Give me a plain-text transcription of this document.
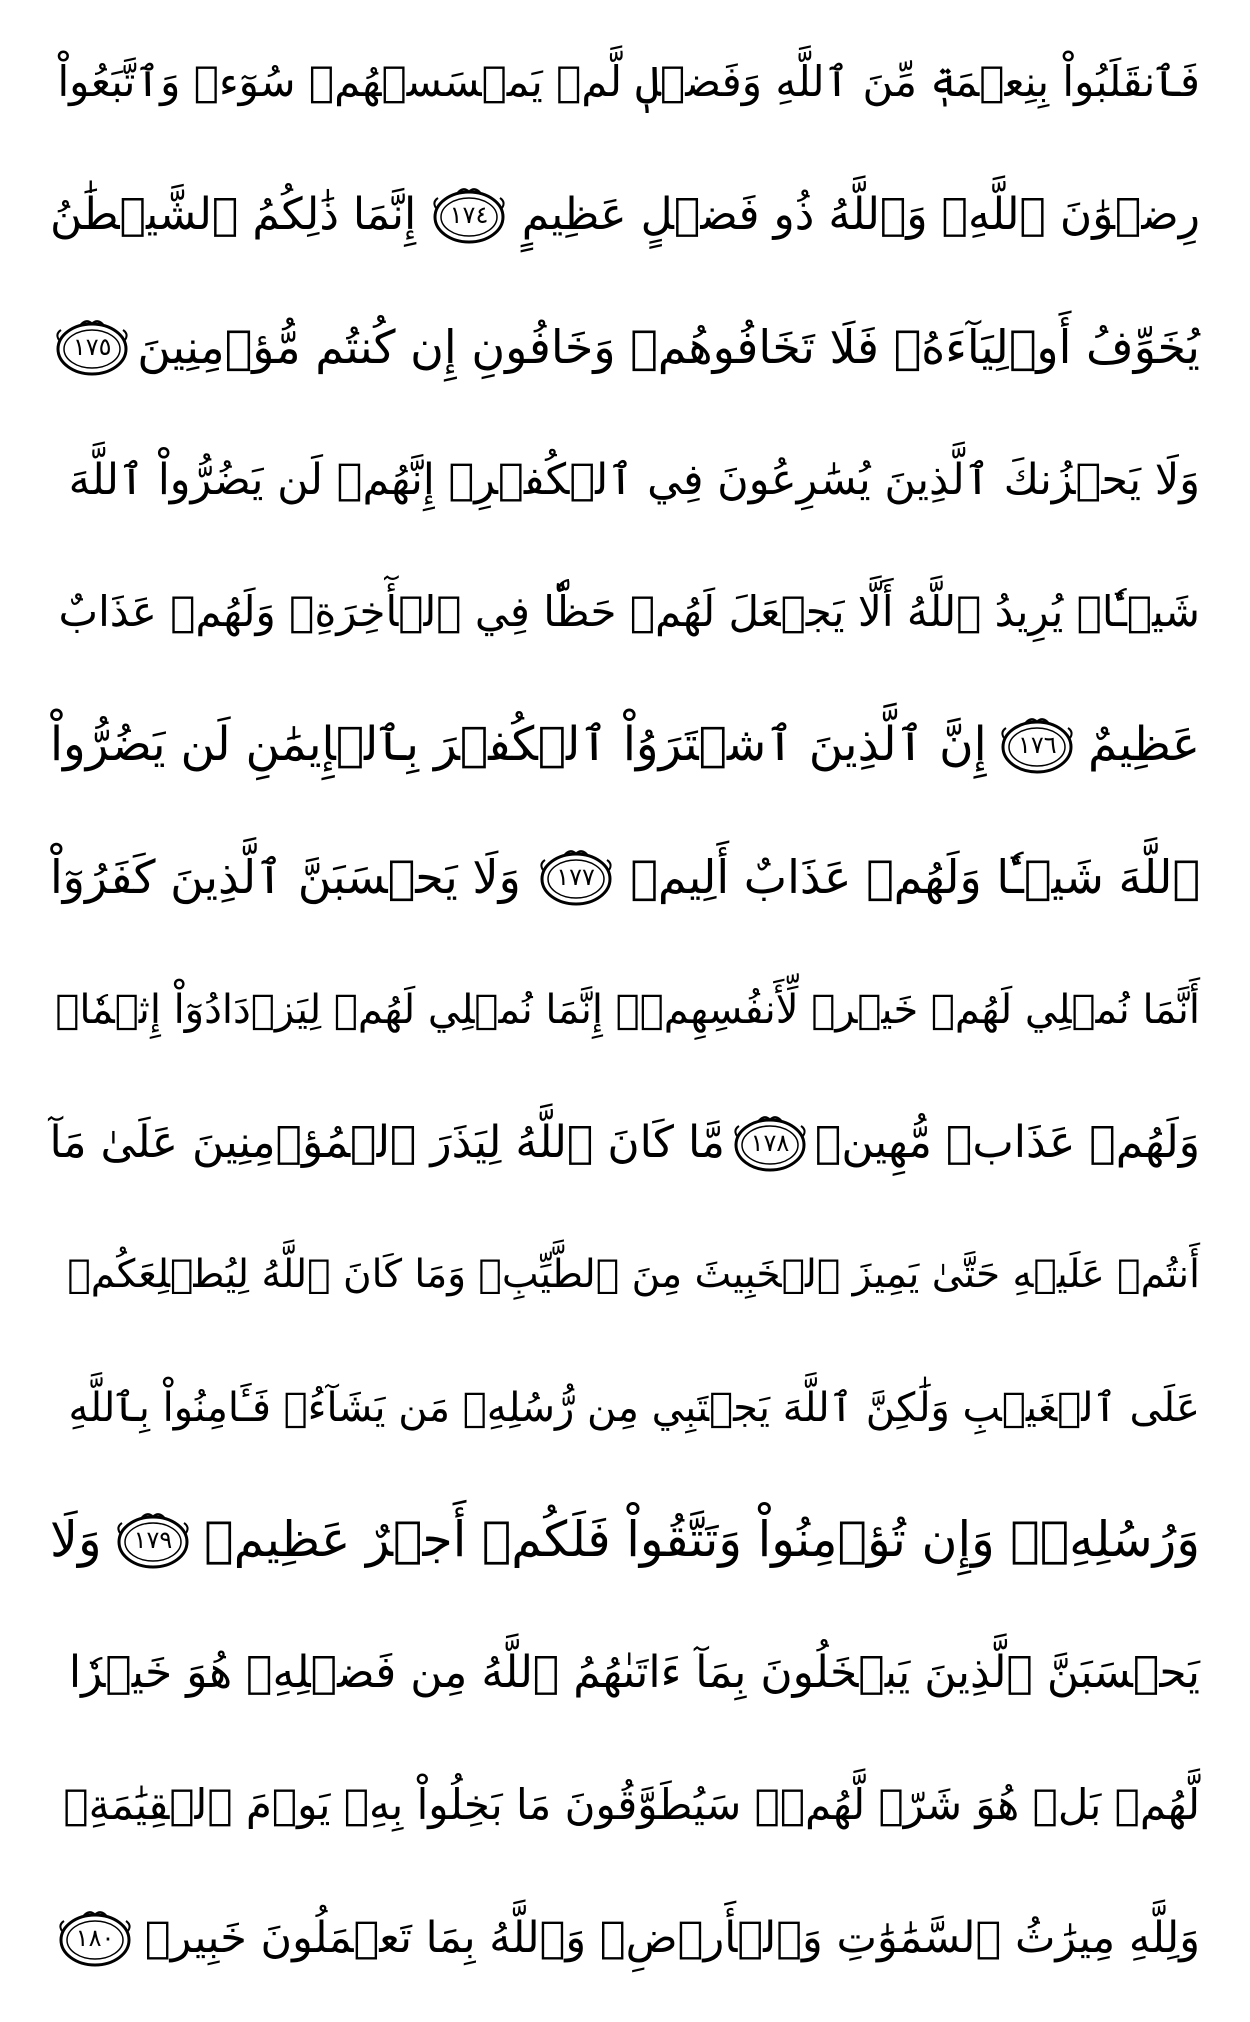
فَٱنقَلَبُواْ بِنِعۡمَةٖ مِّنَ ٱللَّهِ وَفَضۡلٖ لَّمۡ يَمۡسَسۡهُمۡ سُوٓءٞ وَٱتَّبَعُواْ
رِضۡوَٰنَ ٱللَّهِۗ وَٱللَّهُ ذُو فَضۡلٍ عَظِيمٍ
١٧٤
إِنَّمَا ذَٰلِكُمُ ٱلشَّيۡطَٰنُ
يُخَوِّفُ أَوۡلِيَآءَهُۥ فَلَا تَخَافُوهُمۡ وَخَافُونِ إِن كُنتُم مُّؤۡمِنِينَ
١٧٥
وَلَا يَحۡزُنكَ ٱلَّذِينَ يُسَٰرِعُونَ فِي ٱلۡكُفۡرِۚ إِنَّهُمۡ لَن يَضُرُّواْ ٱللَّهَ
شَيۡـٔٗاۗ يُرِيدُ ٱللَّهُ أَلَّا يَجۡعَلَ لَهُمۡ حَظّٗا فِي ٱلۡأٓخِرَةِۖ وَلَهُمۡ عَذَابٌ
عَظِيمٌ
١٧٦
إِنَّ ٱلَّذِينَ ٱشۡتَرَوُاْ ٱلۡكُفۡرَ بِٱلۡإِيمَٰنِ لَن يَضُرُّواْ
ٱللَّهَ شَيۡـٔٗا وَلَهُمۡ عَذَابٌ أَلِيمٞ
١٧٧
وَلَا يَحۡسَبَنَّ ٱلَّذِينَ كَفَرُوٓاْ
أَنَّمَا نُمۡلِي لَهُمۡ خَيۡرٞ لِّأَنفُسِهِمۡۚ إِنَّمَا نُمۡلِي لَهُمۡ لِيَزۡدَادُوٓاْ إِثۡمٗاۖ
وَلَهُمۡ عَذَابٞ مُّهِينٞ
١٧٨
مَّا كَانَ ٱللَّهُ لِيَذَرَ ٱلۡمُؤۡمِنِينَ عَلَىٰ مَآ
أَنتُمۡ عَلَيۡهِ حَتَّىٰ يَمِيزَ ٱلۡخَبِيثَ مِنَ ٱلطَّيِّبِۗ وَمَا كَانَ ٱللَّهُ لِيُطۡلِعَكُمۡ
عَلَى ٱلۡغَيۡبِ وَلَٰكِنَّ ٱللَّهَ يَجۡتَبِي مِن رُّسُلِهِۦ مَن يَشَآءُۖ فَـَٔامِنُواْ بِٱللَّهِ
وَرُسُلِهِۦۚ وَإِن تُؤۡمِنُواْ وَتَتَّقُواْ فَلَكُمۡ أَجۡرٌ عَظِيمٞ
١٧٩
وَلَا
يَحۡسَبَنَّ ٱلَّذِينَ يَبۡخَلُونَ بِمَآ ءَاتَىٰهُمُ ٱللَّهُ مِن فَضۡلِهِۦ هُوَ خَيۡرٗا
لَّهُمۖ بَلۡ هُوَ شَرّٞ لَّهُمۡۖ سَيُطَوَّقُونَ مَا بَخِلُواْ بِهِۦ يَوۡمَ ٱلۡقِيَٰمَةِۗ
وَلِلَّهِ مِيرَٰثُ ٱلسَّمَٰوَٰتِ وَٱلۡأَرۡضِۗ وَٱللَّهُ بِمَا تَعۡمَلُونَ خَبِيرٞ
١٨٠
